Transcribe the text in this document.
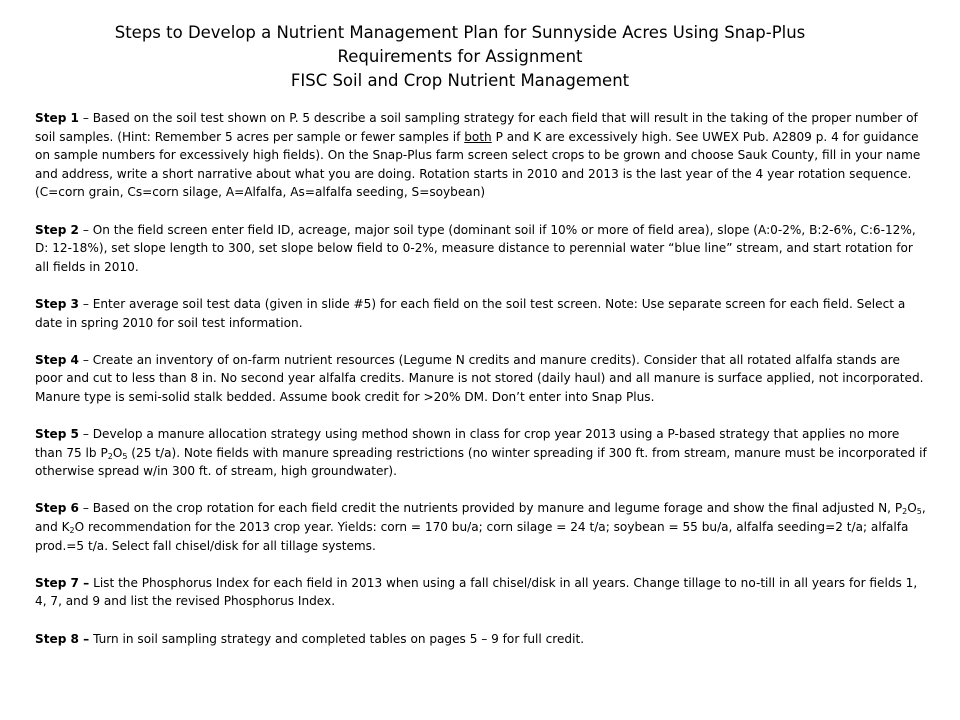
Steps to Develop a Nutrient Management Plan for Sunnyside Acres Using Snap-Plus
Requirements for Assignment
FISC Soil and Crop Nutrient Management

Step 1 – Based on the soil test shown on P. 5 describe a soil sampling strategy for each field that will result in the taking of the proper number of soil samples. (Hint: Remember 5 acres per sample or fewer samples if both P and K are excessively high. See UWEX Pub. A2809 p. 4 for guidance on sample numbers for excessively high fields). On the Snap-Plus farm screen select crops to be grown and choose Sauk County, fill in your name and address, write a short narrative about what you are doing. Rotation starts in 2010 and 2013 is the last year of the 4 year rotation sequence. (C=corn grain, Cs=corn silage, A=Alfalfa, As=alfalfa seeding, S=soybean)

Step 2 – On the field screen enter field ID, acreage, major soil type (dominant soil if 10% or more of field area), slope (A:0-2%, B:2-6%, C:6-12%, D: 12-18%), set slope length to 300, set slope below field to 0-2%, measure distance to perennial water “blue line” stream, and start rotation for all fields in 2010.

Step 3 – Enter average soil test data (given in slide #5) for each field on the soil test screen. Note: Use separate screen for each field. Select a date in spring 2010 for soil test information.

Step 4 – Create an inventory of on-farm nutrient resources (Legume N credits and manure credits). Consider that all rotated alfalfa stands are poor and cut to less than 8 in. No second year alfalfa credits. Manure is not stored (daily haul) and all manure is surface applied, not incorporated. Manure type is semi-solid stalk bedded. Assume book credit for >20% DM. Don’t enter into Snap Plus.

Step 5 – Develop a manure allocation strategy using method shown in class for crop year 2013 using a P-based strategy that applies no more than 75 lb $P_2O_5$ (25 t/a). Note fields with manure spreading restrictions (no winter spreading if 300 ft. from stream, manure must be incorporated if otherwise spread w/in 300 ft. of stream, high groundwater).

Step 6 – Based on the crop rotation for each field credit the nutrients provided by manure and legume forage and show the final adjusted N, $P_2O_5$, and $K_2O$ recommendation for the 2013 crop year. Yields: corn = 170 bu/a; corn silage = 24 t/a; soybean = 55 bu/a, alfalfa seeding=2 t/a; alfalfa prod.=5 t/a. Select fall chisel/disk for all tillage systems.

Step 7 – List the Phosphorus Index for each field in 2013 when using a fall chisel/disk in all years. Change tillage to no-till in all years for fields 1, 4, 7, and 9 and list the revised Phosphorus Index.

Step 8 – Turn in soil sampling strategy and completed tables on pages 5 – 9 for full credit.
